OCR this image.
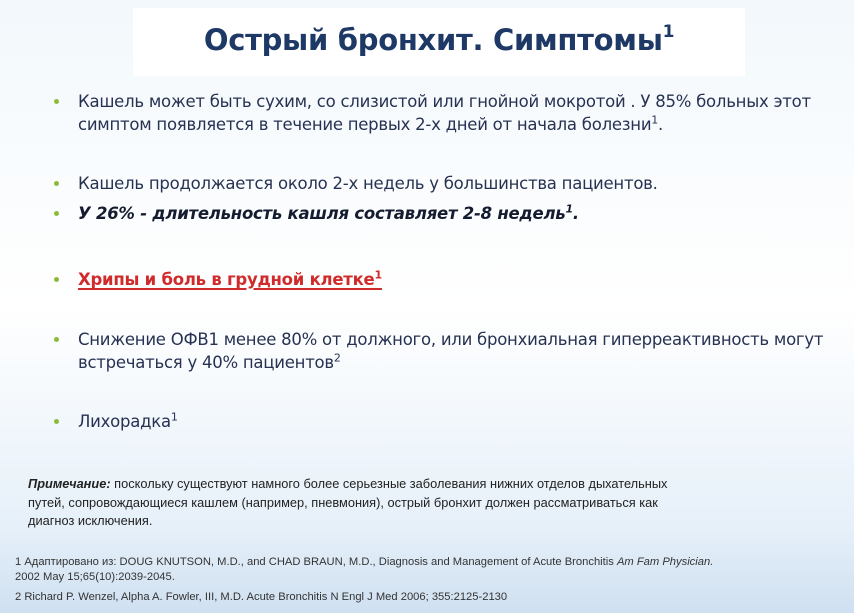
Острый бронхит. Симптомы$^1$
Кашель может быть сухим, со слизистой или гнойной мокротой . У 85% больных этот
симптом появляется в течение первых 2-х дней от начала болезни$^1$.
Кашель продолжается около 2-х недель у большинства пациентов.
У 26% - длительность кашля составляет 2-8 недель$^1$.
Хрипы и боль в грудной клетке$^1$
Снижение ОФВ1 менее 80% от должного, или бронхиальная гиперреактивность могут
встречаться у 40% пациентов$^2$
Лихорадка$^1$
Примечание: поскольку существуют намного более серьезные заболевания нижних отделов дыхательных путей, сопровождающиеся кашлем (например, пневмония), острый бронхит должен рассматриваться как диагноз исключения.
1 Адаптировано из: DOUG KNUTSON, M.D., and CHAD BRAUN, M.D., Diagnosis and Management of Acute Bronchitis Am Fam Physician. 2002 May 15;65(10):2039-2045.
2 Richard P. Wenzel, Alpha A. Fowler, III, M.D. Acute Bronchitis N Engl J Med 2006; 355:2125-2130
